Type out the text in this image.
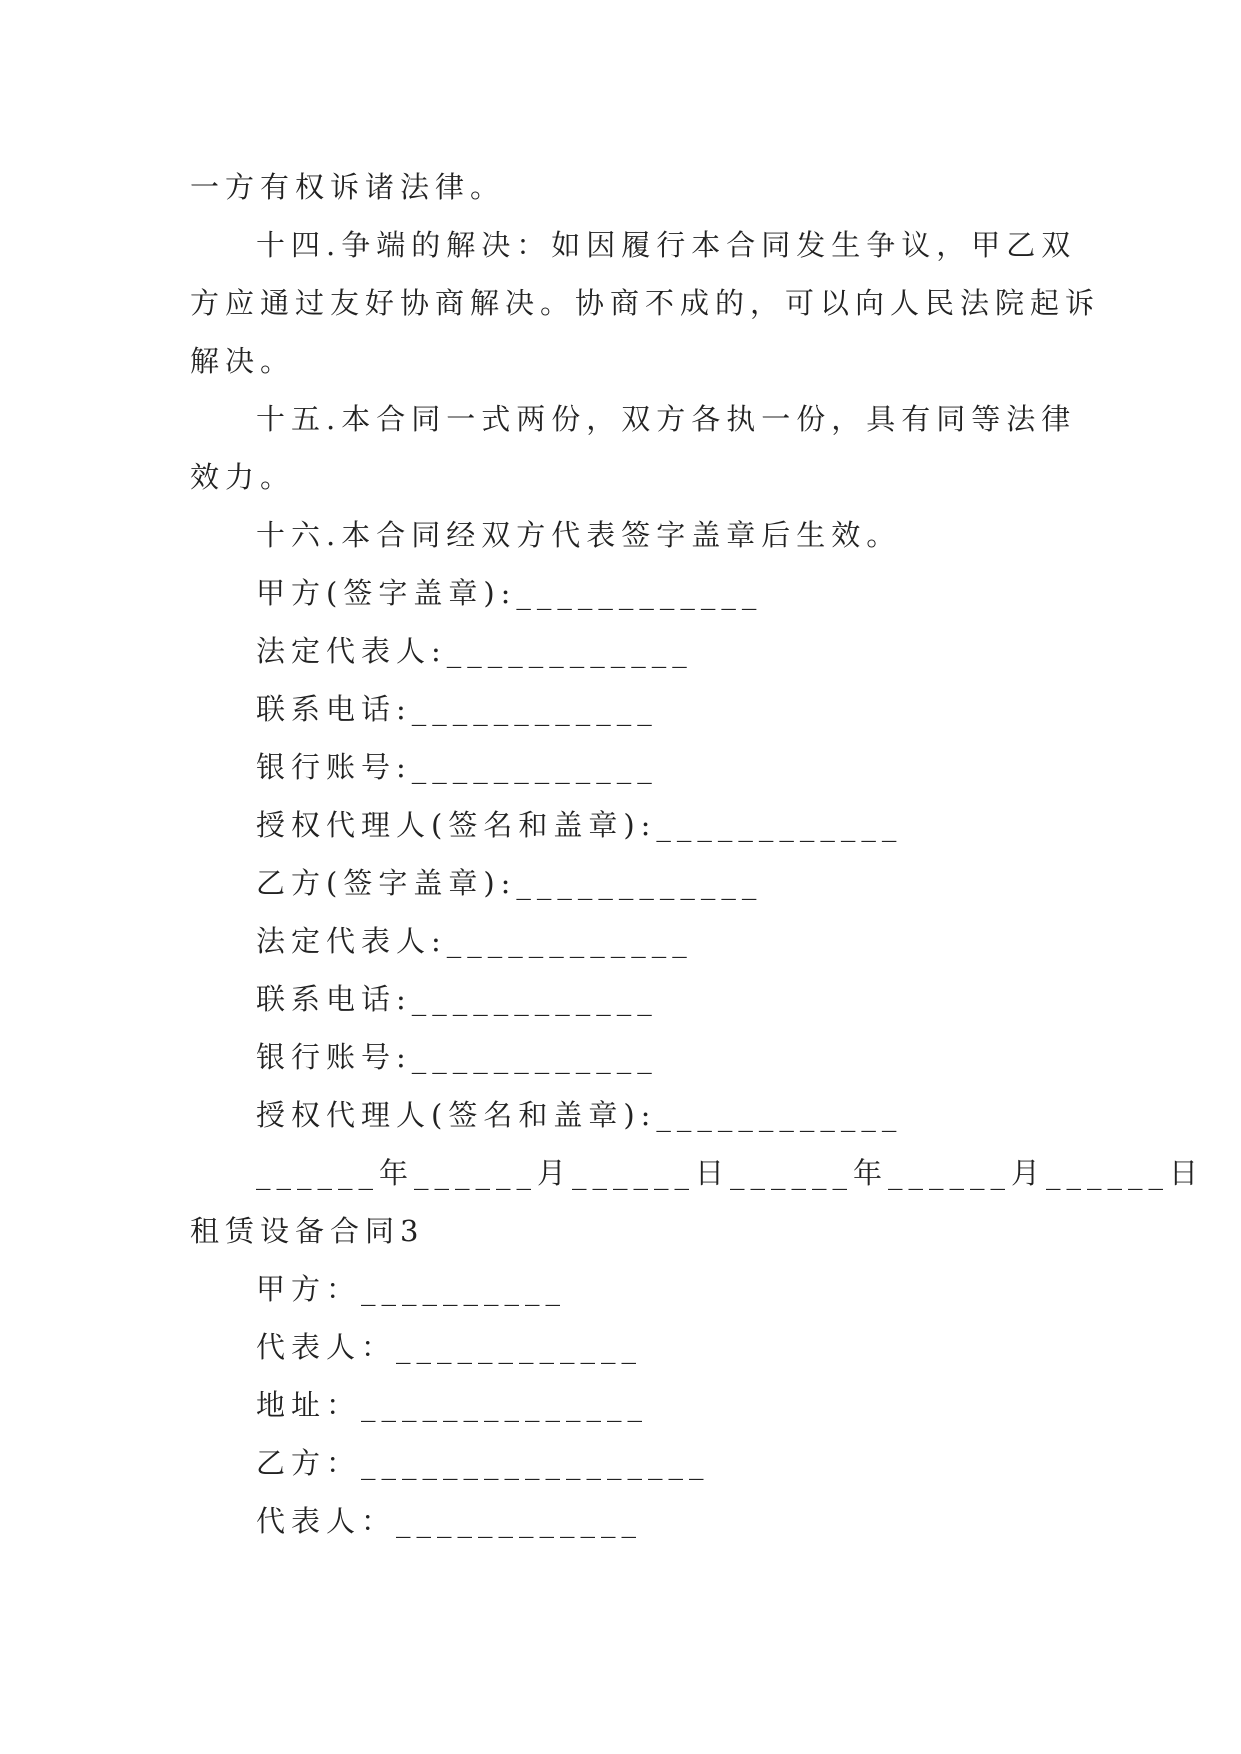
一方有权诉诸法律。
十四.争端的解决：如因履行本合同发生争议，甲乙双
方应通过友好协商解决。协商不成的，可以向人民法院起诉
解决。
十五.本合同一式两份，双方各执一份，具有同等法律
效力。
十六.本合同经双方代表签字盖章后生效。
甲方(签字盖章):____________
法定代表人:____________
联系电话:____________
银行账号:____________
授权代理人(签名和盖章):____________
乙方(签字盖章):____________
法定代表人:____________
联系电话:____________
银行账号:____________
授权代理人(签名和盖章):____________
______年______月______日______年______月______日
租赁设备合同3
甲方：__________
代表人：____________
地址：______________
乙方：_________________
代表人：____________
